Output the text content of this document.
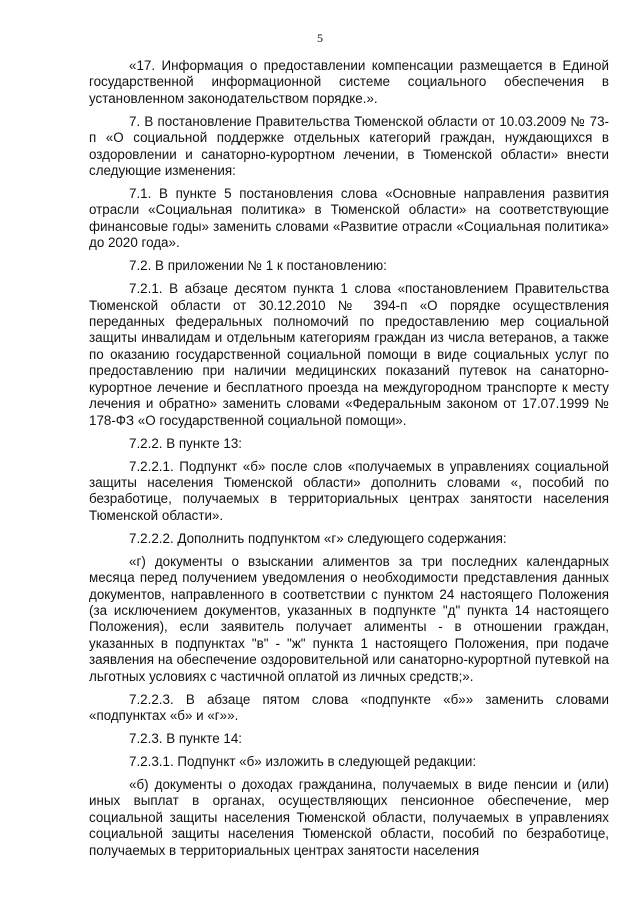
5

«17. Информация о предоставлении компенсации размещается в Единой государственной информационной системе социального обеспечения в установленном законодательством порядке.».

7. В постановление Правительства Тюменской области от 10.03.2009 № 73-п «О социальной поддержке отдельных категорий граждан, нуждающихся в оздоровлении и санаторно-курортном лечении, в Тюменской области» внести следующие изменения:

7.1. В пункте 5 постановления слова «Основные направления развития отрасли «Социальная политика» в Тюменской области» на соответствующие финансовые годы» заменить словами «Развитие отрасли «Социальная политика» до 2020 года».

7.2. В приложении № 1 к постановлению:

7.2.1. В абзаце десятом пункта 1 слова «постановлением Правительства Тюменской области от 30.12.2010 № 394-п «О порядке осуществления переданных федеральных полномочий по предоставлению мер социальной защиты инвалидам и отдельным категориям граждан из числа ветеранов, а также по оказанию государственной социальной помощи в виде социальных услуг по предоставлению при наличии медицинских показаний путевок на санаторно-курортное лечение и бесплатного проезда на междугородном транспорте к месту лечения и обратно» заменить словами «Федеральным законом от 17.07.1999 № 178-ФЗ «О государственной социальной помощи».

7.2.2. В пункте 13:

7.2.2.1. Подпункт «б» после слов «получаемых в управлениях социальной защиты населения Тюменской области» дополнить словами «, пособий по безработице, получаемых в территориальных центрах занятости населения Тюменской области».

7.2.2.2. Дополнить подпунктом «г» следующего содержания:

«г) документы о взыскании алиментов за три последних календарных месяца перед получением уведомления о необходимости представления данных документов, направленного в соответствии с пунктом 24 настоящего Положения (за исключением документов, указанных в подпункте "д" пункта 14 настоящего Положения), если заявитель получает алименты - в отношении граждан, указанных в подпунктах "в" - "ж" пункта 1 настоящего Положения, при подаче заявления на обеспечение оздоровительной или санаторно-курортной путевкой на льготных условиях с частичной оплатой из личных средств;».

7.2.2.3. В абзаце пятом слова «подпункте «б»» заменить словами «подпунктах «б» и «г»».

7.2.3. В пункте 14:

7.2.3.1. Подпункт «б» изложить в следующей редакции:

«б) документы о доходах гражданина, получаемых в виде пенсии и (или) иных выплат в органах, осуществляющих пенсионное обеспечение, мер социальной защиты населения Тюменской области, получаемых в управлениях социальной защиты населения Тюменской области, пособий по безработице, получаемых в территориальных центрах занятости населения
